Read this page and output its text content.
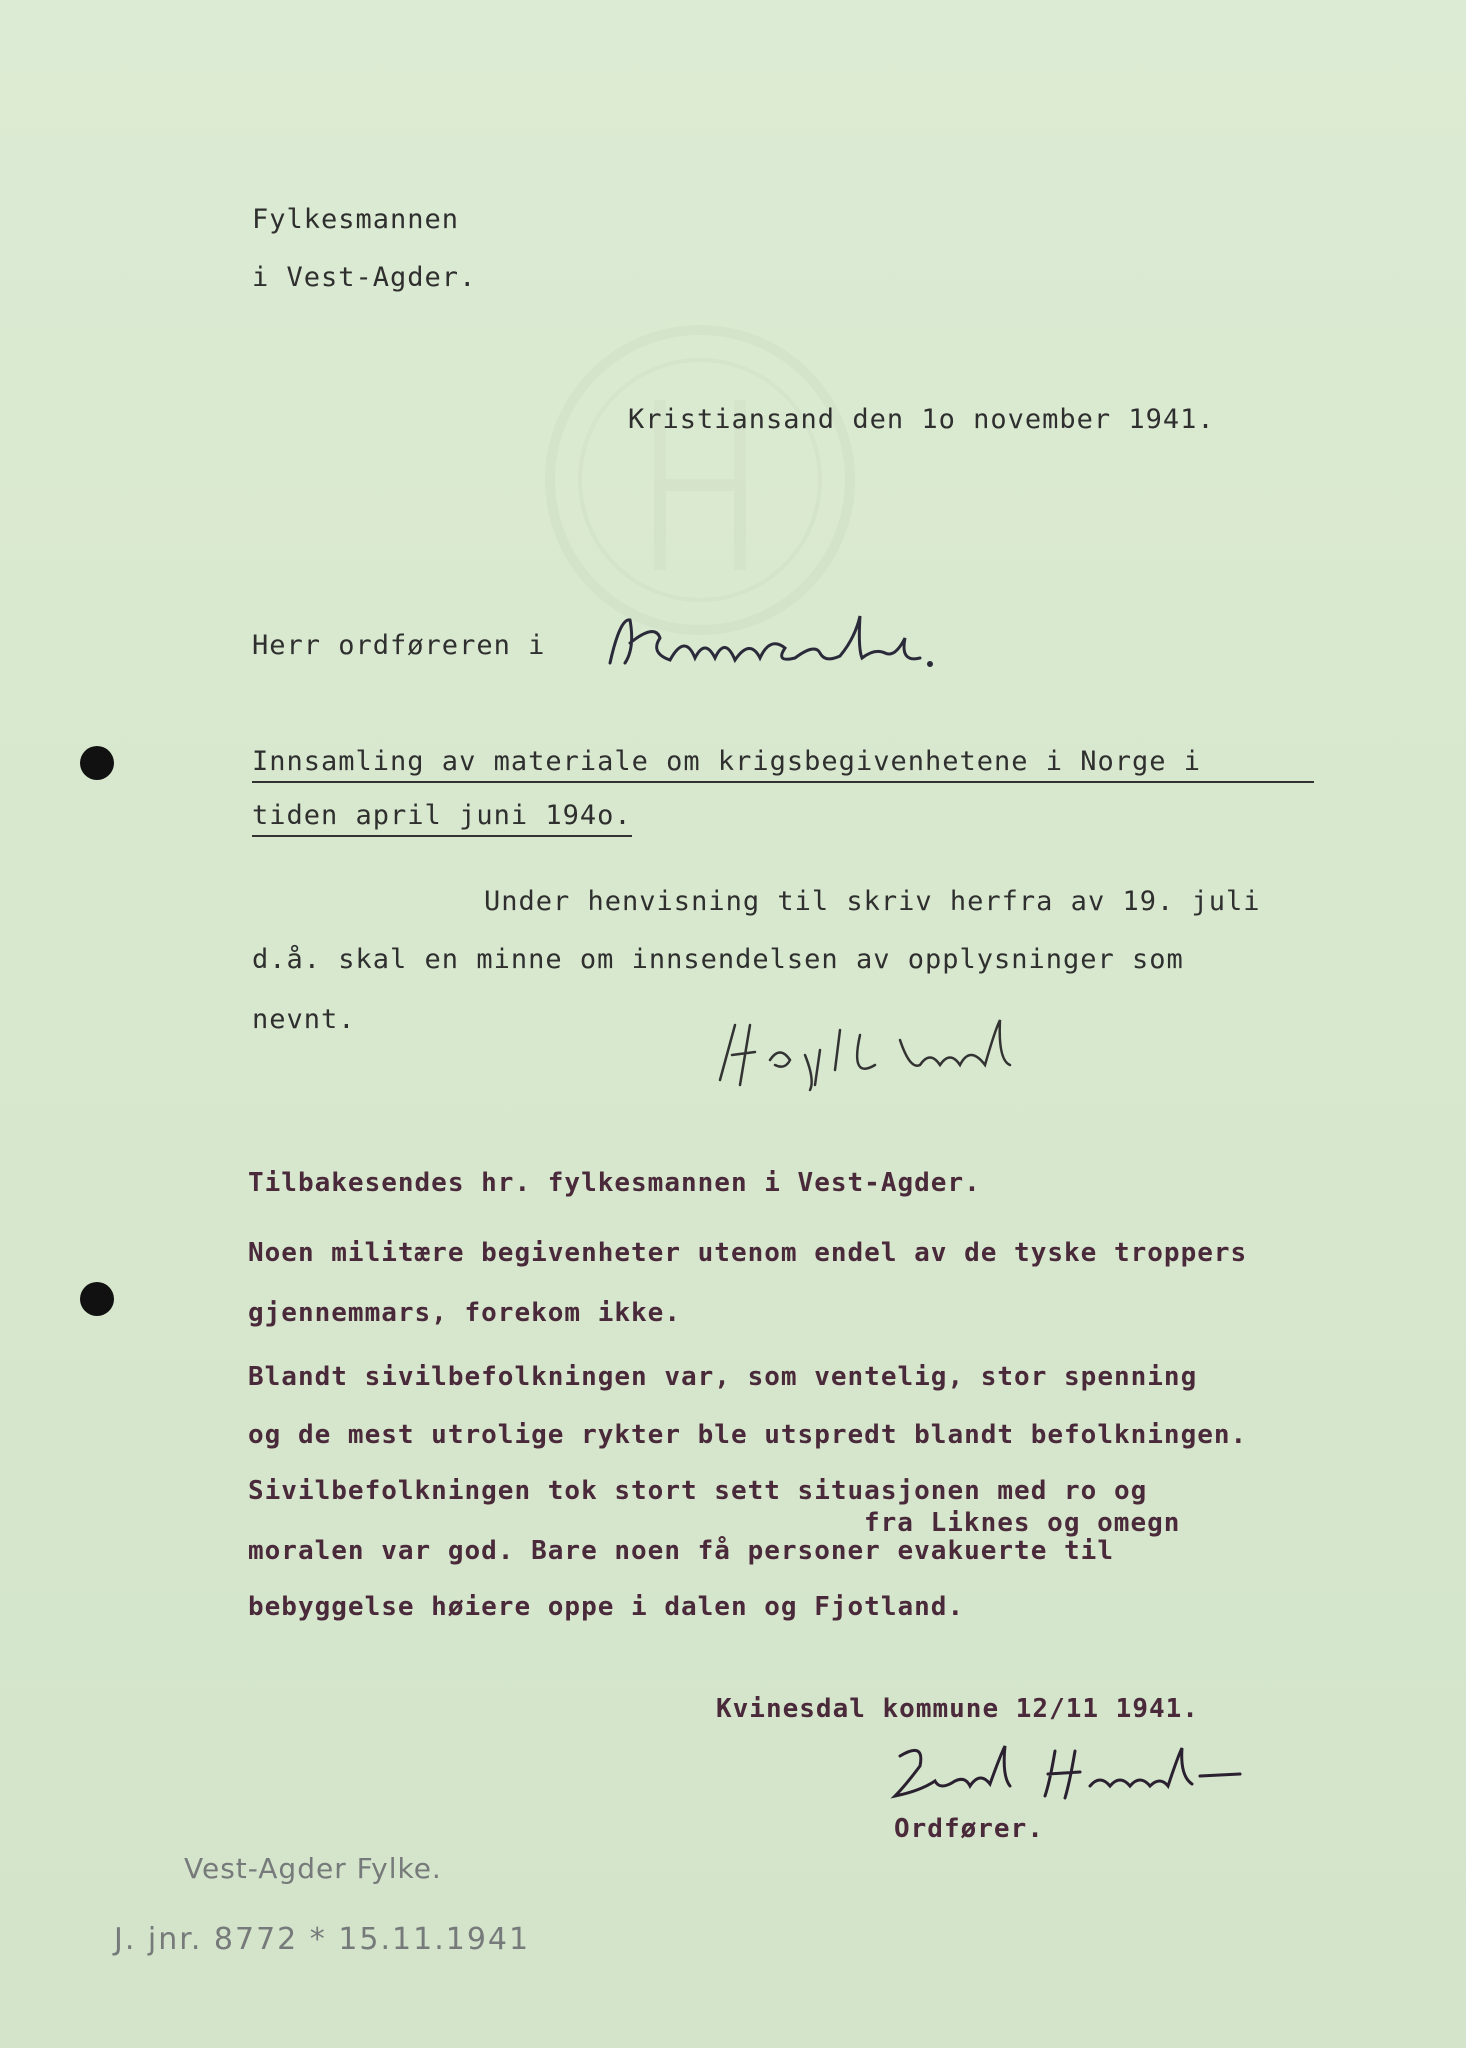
Fylkesmannen
i Vest-Agder.
Kristiansand den 1o november 1941.
Herr ordføreren i
Innsamling av materiale om krigsbegivenhetene i Norge i
tiden april juni 194o.
Under henvisning til skriv herfra av 19. juli
d.å. skal en minne om innsendelsen av opplysninger som
nevnt.
Tilbakesendes hr. fylkesmannen i Vest-Agder.
Noen militære begivenheter utenom endel av de tyske troppers
gjennemmars, forekom ikke.
Blandt sivilbefolkningen var, som ventelig, stor spenning
og de mest utrolige rykter ble utspredt blandt befolkningen.
Sivilbefolkningen tok stort sett situasjonen med ro og
fra Liknes og omegn
moralen var god. Bare noen få personer evakuerte til
bebyggelse høiere oppe i dalen og Fjotland.
Kvinesdal kommune 12/11 1941.
Ordfører.
Vest-Agder Fylke.
J. jnr. 8772 * 15.11.1941
